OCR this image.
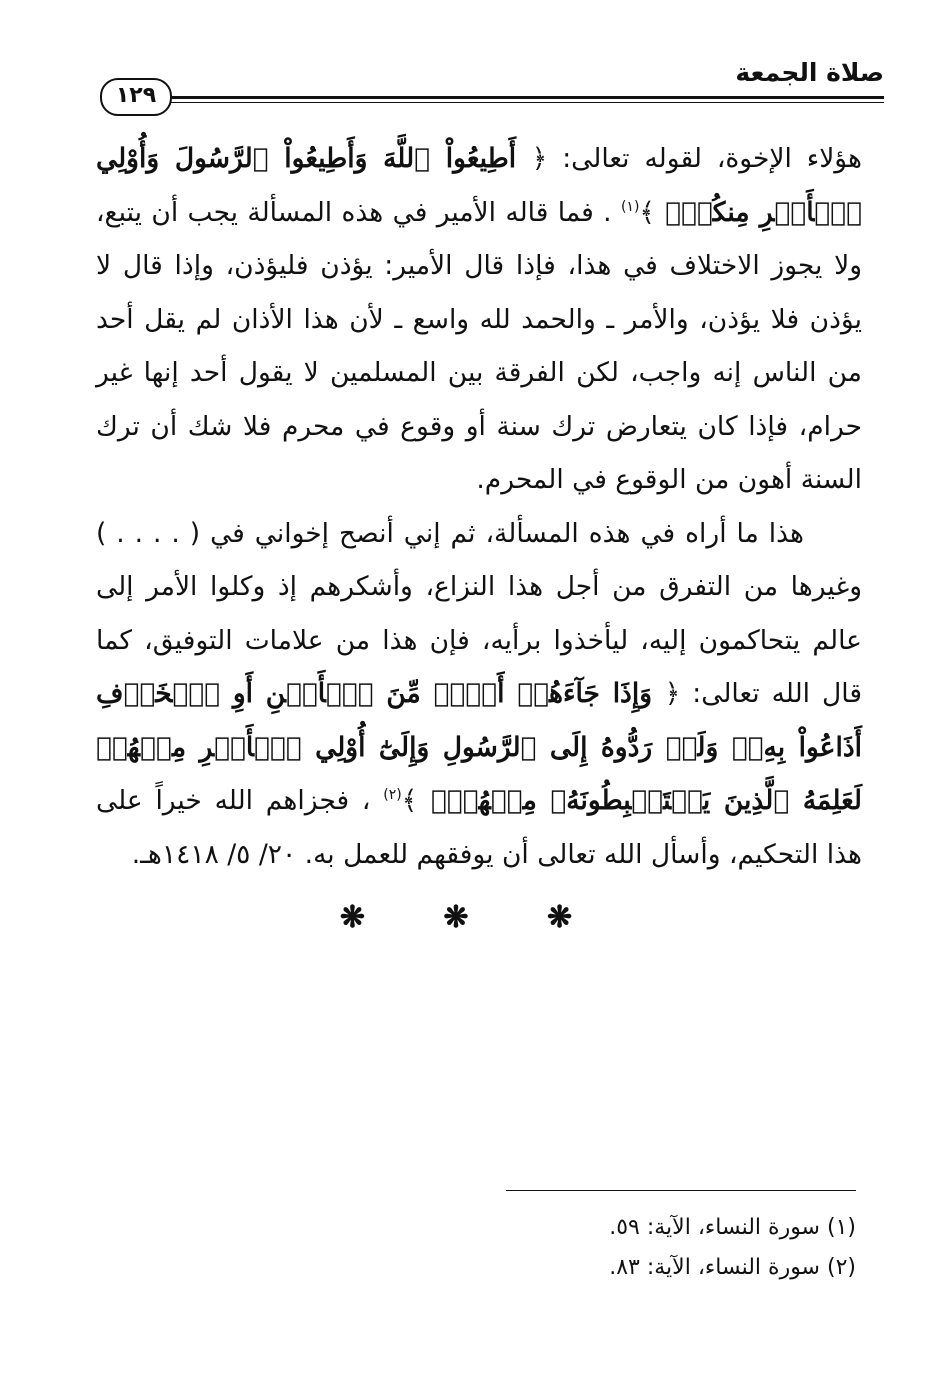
صلاة الجمعة
١٢٩

هؤلاء الإخوة، لقوله تعالى: ﴿ أَطِيعُواْ ٱللَّهَ وَأَطِيعُواْ ٱلرَّسُولَ وَأُوْلِي ٱلۡأَمۡرِ مِنكُمۡۖ ﴾$^{(١)}$ . فما قاله الأمير في هذه المسألة يجب أن يتبع، ولا يجوز الاختلاف في هذا، فإذا قال الأمير: يؤذن فليؤذن، وإذا قال لا يؤذن فلا يؤذن، والأمر ـ والحمد لله واسع ـ لأن هذا الأذان لم يقل أحد من الناس إنه واجب، لكن الفرقة بين المسلمين لا يقول أحد إنها غير حرام، فإذا كان يتعارض ترك سنة أو وقوع في محرم فلا شك أن ترك السنة أهون من الوقوع في المحرم.

هذا ما أراه في هذه المسألة، ثم إني أنصح إخواني في ( . . . . ) وغيرها من التفرق من أجل هذا النزاع، وأشكرهم إذ وكلوا الأمر إلى عالم يتحاكمون إليه، ليأخذوا برأيه، فإن هذا من علامات التوفيق، كما قال الله تعالى: ﴿ وَإِذَا جَآءَهُمۡ أَمۡرٞ مِّنَ ٱلۡأَمۡنِ أَوِ ٱلۡخَوۡفِ أَذَاعُواْ بِهِۦۖ وَلَوۡ رَدُّوهُ إِلَى ٱلرَّسُولِ وَإِلَىٰٓ أُوْلِي ٱلۡأَمۡرِ مِنۡهُمۡ لَعَلِمَهُ ٱلَّذِينَ يَسۡتَنۢبِطُونَهُۥ مِنۡهُمۡۗ ﴾$^{(٢)}$ ، فجزاهم الله خيراً على هذا التحكيم، وأسأل الله تعالى أن يوفقهم للعمل به. ٢٠/ ٥/ ١٤١٨هـ.

❋ ❋ ❋

(١) سورة النساء، الآية: ٥٩.

(٢) سورة النساء، الآية: ٨٣.
